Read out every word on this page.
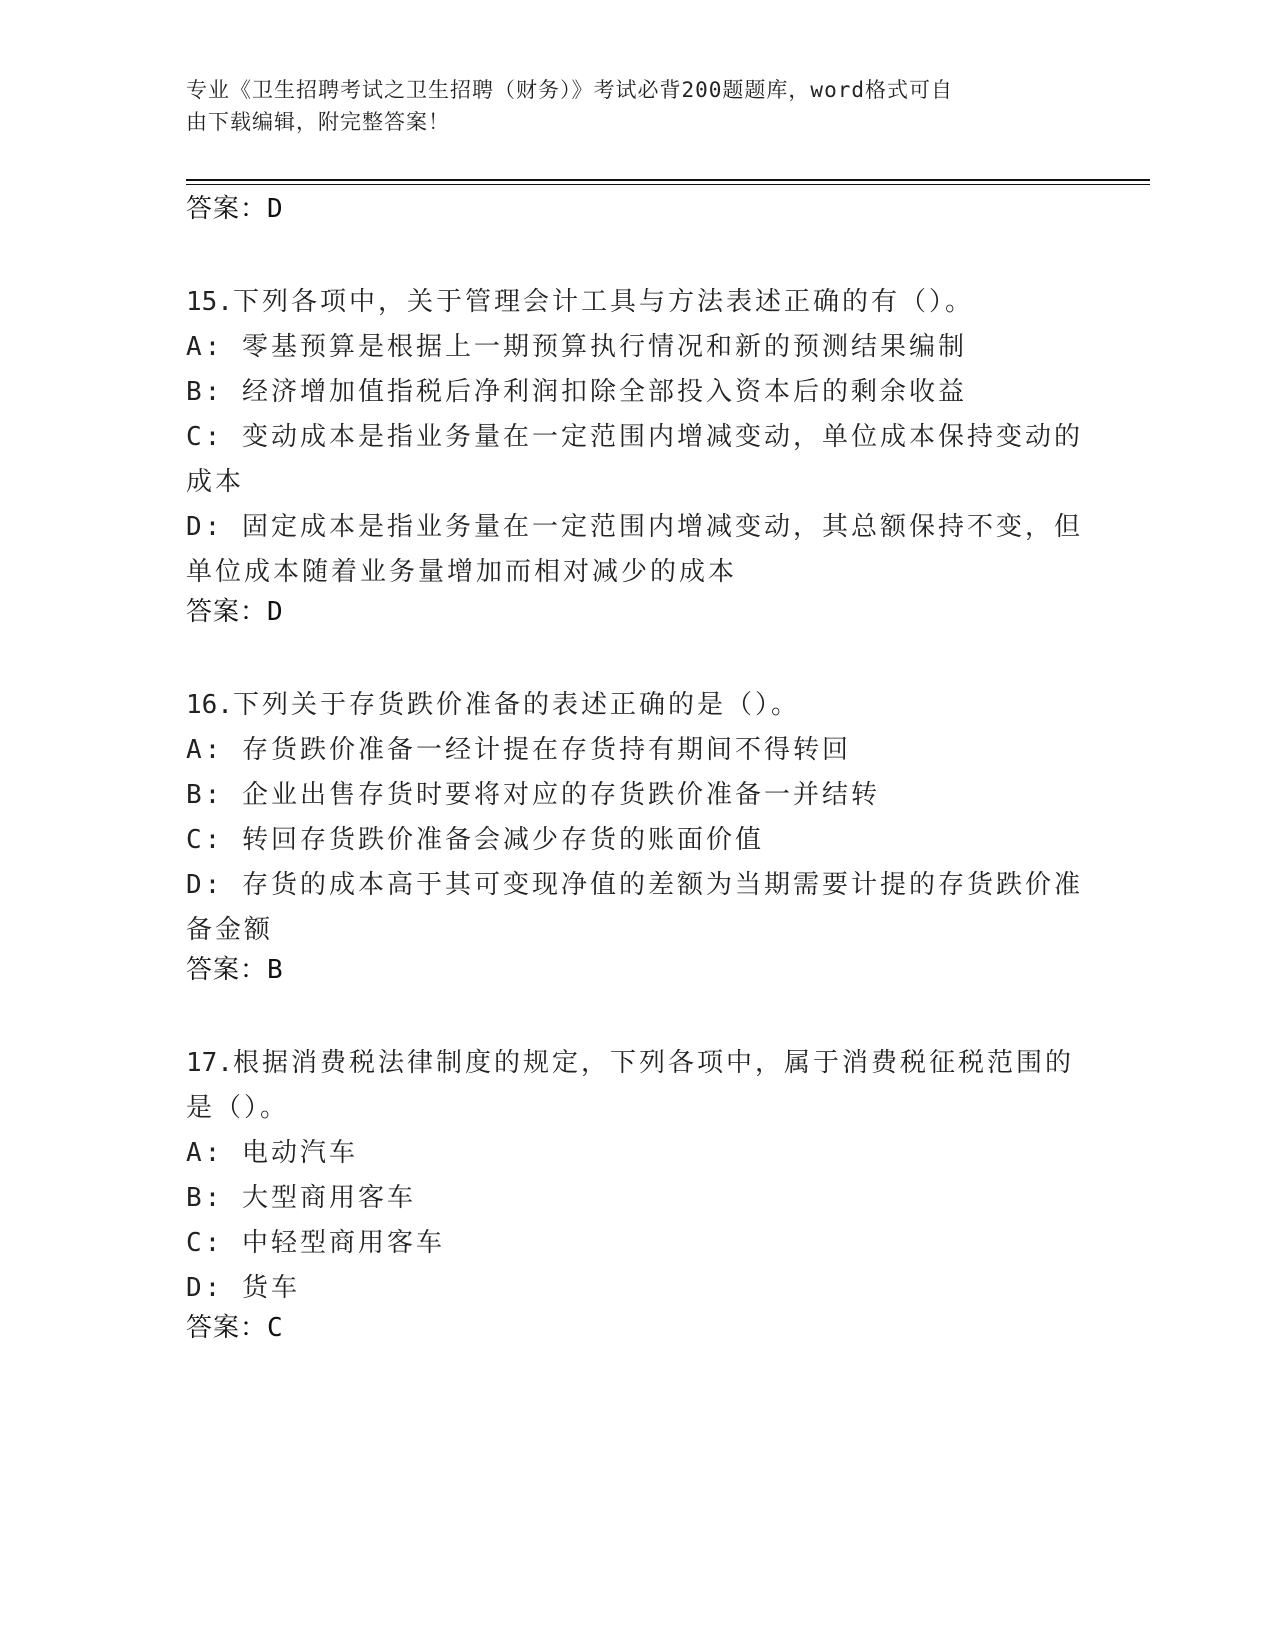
专业《卫生招聘考试之卫生招聘（财务）》考试必背200题题库，word格式可自
由下载编辑，附完整答案！
答案：D
15.下列各项中，关于管理会计工具与方法表述正确的有（）。
A: 零基预算是根据上一期预算执行情况和新的预测结果编制
B: 经济增加值指税后净利润扣除全部投入资本后的剩余收益
C: 变动成本是指业务量在一定范围内增减变动，单位成本保持变动的
成本
D: 固定成本是指业务量在一定范围内增减变动，其总额保持不变，但
单位成本随着业务量增加而相对减少的成本
答案：D
16.下列关于存货跌价准备的表述正确的是（）。
A: 存货跌价准备一经计提在存货持有期间不得转回
B: 企业出售存货时要将对应的存货跌价准备一并结转
C: 转回存货跌价准备会减少存货的账面价值
D: 存货的成本高于其可变现净值的差额为当期需要计提的存货跌价准
备金额
答案：B
17.根据消费税法律制度的规定，下列各项中，属于消费税征税范围的
是（）。
A: 电动汽车
B: 大型商用客车
C: 中轻型商用客车
D: 货车
答案：C
